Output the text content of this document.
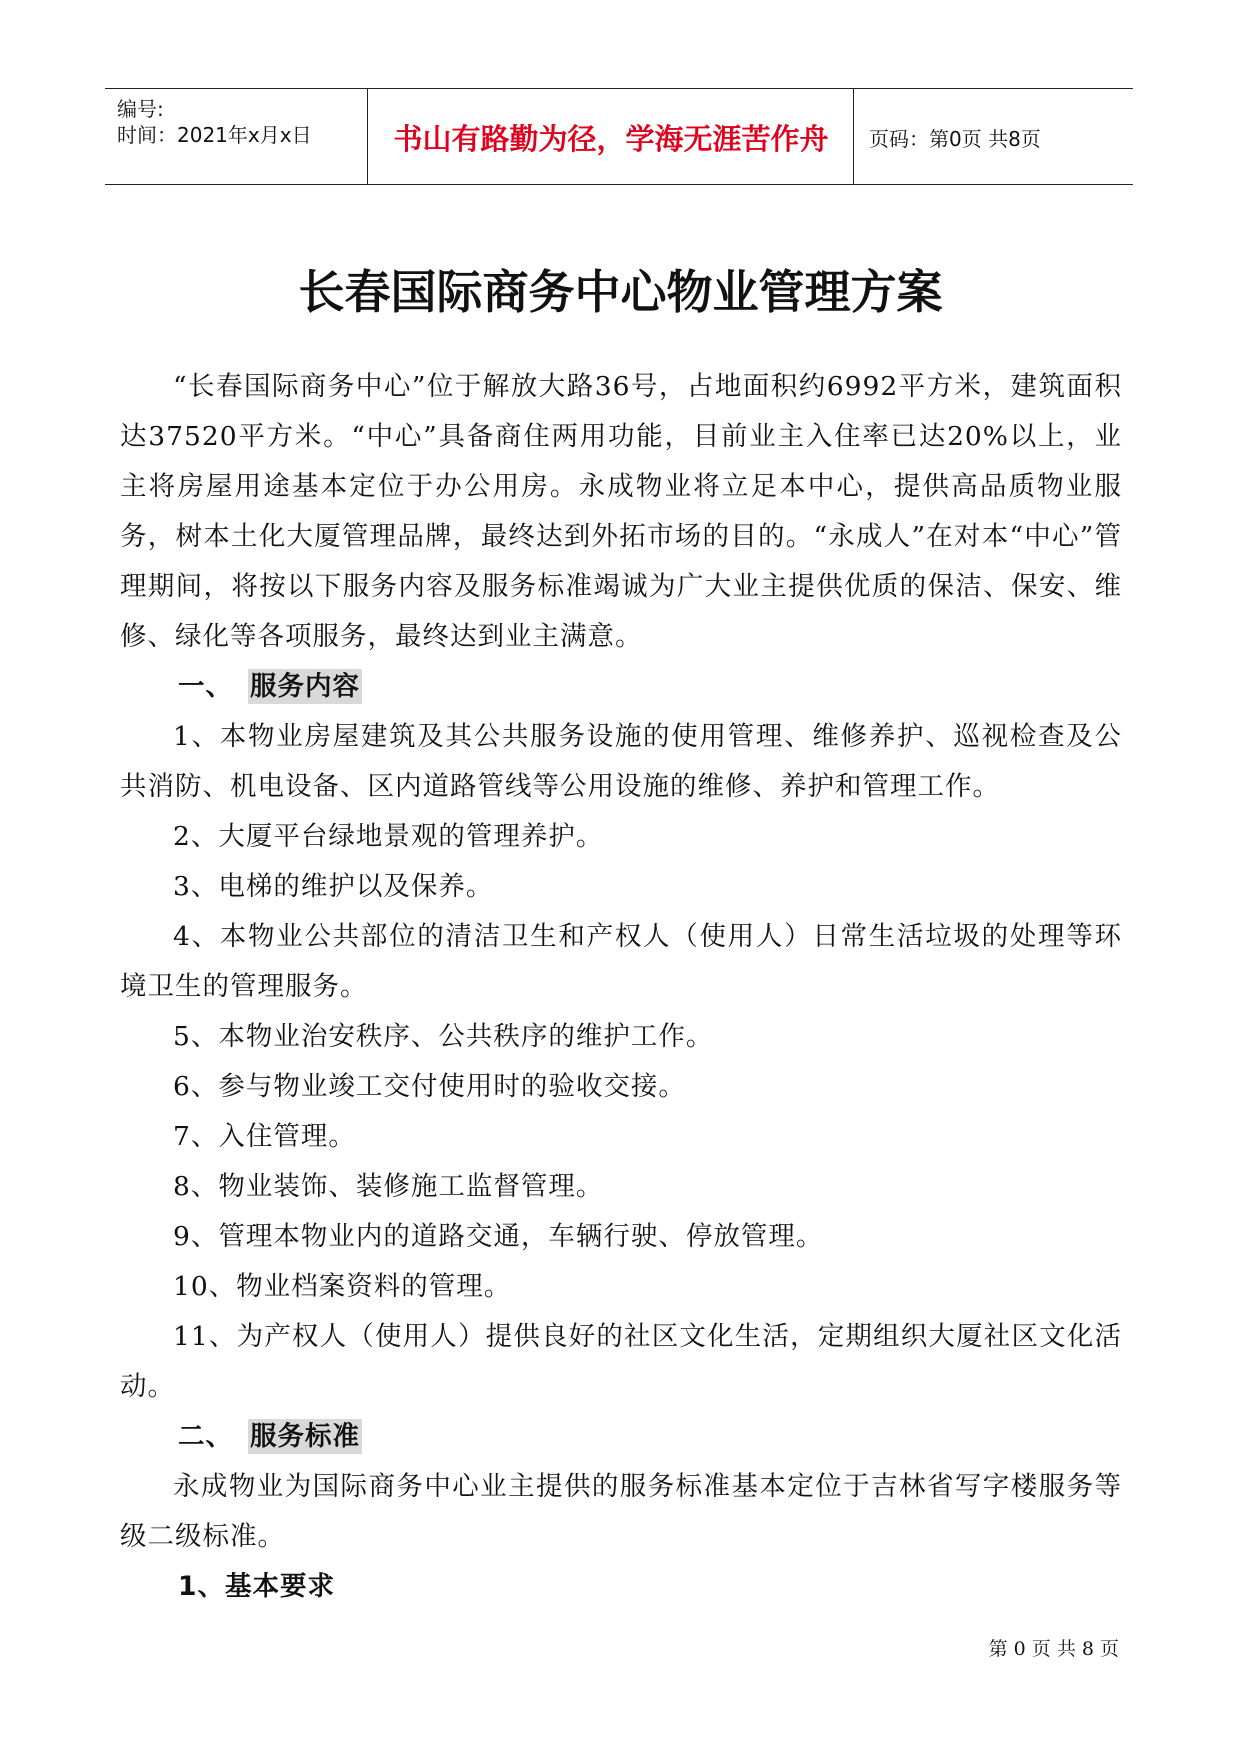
编号:
时间：2021年x月x日	书山有路勤为径，学海无涯苦作舟	页码：第0页 共8页
长春国际商务中心物业管理方案

“长春国际商务中心”位于解放大路36号，占地面积约6992平方米，建筑面积达37520平方米。“中心”具备商住两用功能，目前业主入住率已达20%以上，业主将房屋用途基本定位于办公用房。永成物业将立足本中心，提供高品质物业服务，树本土化大厦管理品牌，最终达到外拓市场的目的。“永成人”在对本“中心”管理期间，将按以下服务内容及服务标准竭诚为广大业主提供优质的保洁、保安、维修、绿化等各项服务，最终达到业主满意。

一、 服务内容

1、本物业房屋建筑及其公共服务设施的使用管理、维修养护、巡视检查及公共消防、机电设备、区内道路管线等公用设施的维修、养护和管理工作。

2、大厦平台绿地景观的管理养护。

3、电梯的维护以及保养。

4、本物业公共部位的清洁卫生和产权人（使用人）日常生活垃圾的处理等环境卫生的管理服务。

5、本物业治安秩序、公共秩序的维护工作。

6、参与物业竣工交付使用时的验收交接。

7、入住管理。

8、物业装饰、装修施工监督管理。

9、管理本物业内的道路交通，车辆行驶、停放管理。

10、物业档案资料的管理。

11、为产权人（使用人）提供良好的社区文化生活，定期组织大厦社区文化活动。

二、 服务标准

永成物业为国际商务中心业主提供的服务标准基本定位于吉林省写字楼服务等级二级标准。

1、基本要求
第 0 页 共 8 页
